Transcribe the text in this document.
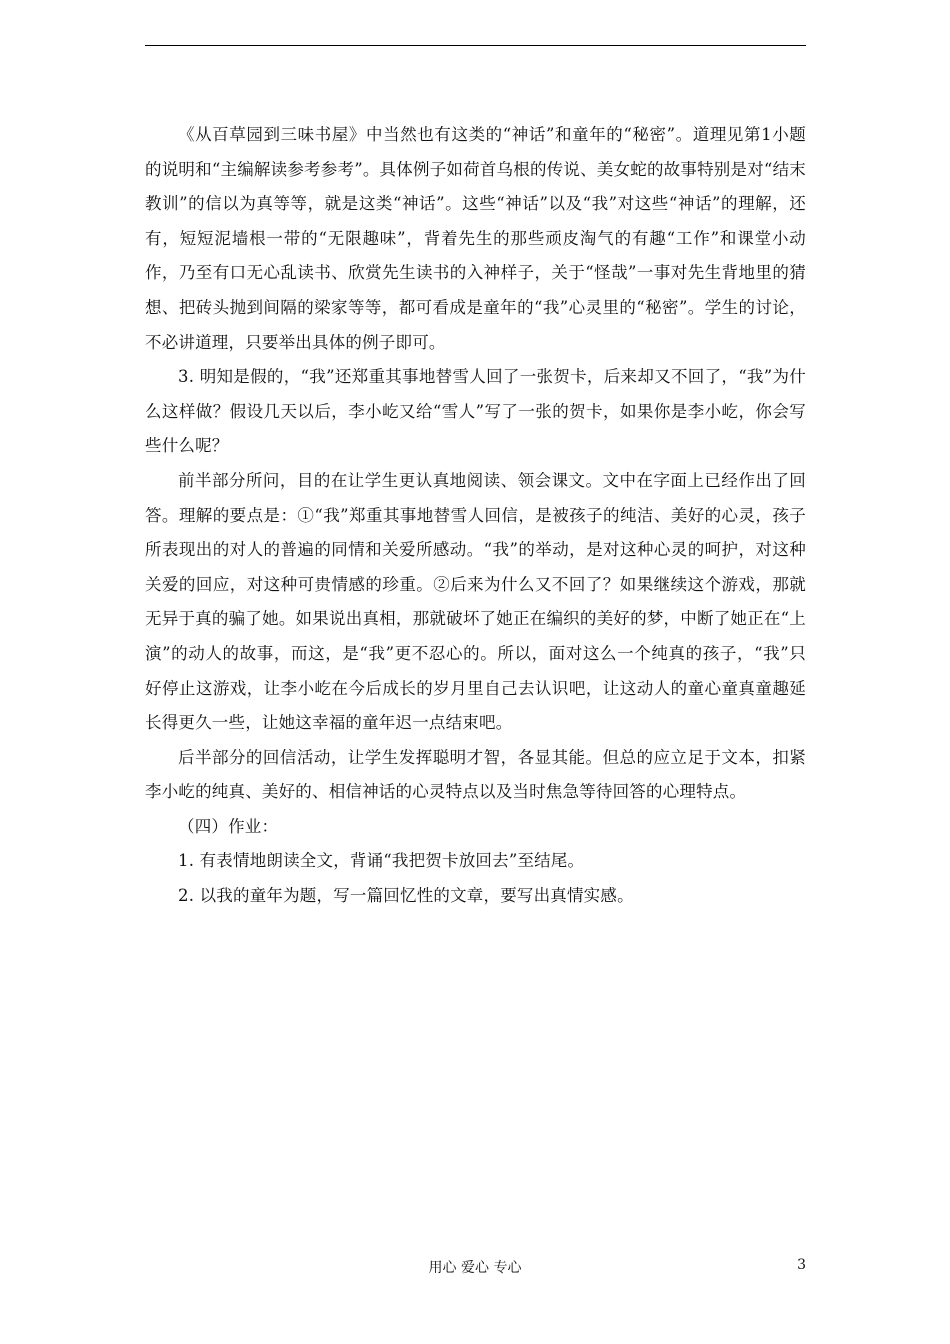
《从百草园到三味书屋》中当然也有这类的“神话”和童年的“秘密”。道理见第1小题的说明和“主编解读参考参考”。具体例子如荷首乌根的传说、美女蛇的故事特别是对“结末教训”的信以为真等等，就是这类“神话”。这些“神话”以及“我”对这些“神话”的理解，还有，短短泥墙根一带的“无限趣味”，背着先生的那些顽皮淘气的有趣“工作”和课堂小动作，乃至有口无心乱读书、欣赏先生读书的入神样子，关于“怪哉”一事对先生背地里的猜想、把砖头抛到间隔的梁家等等，都可看成是童年的“我”心灵里的“秘密”。学生的讨论，不必讲道理，只要举出具体的例子即可。

3. 明知是假的，“我”还郑重其事地替雪人回了一张贺卡，后来却又不回了，“我”为什么这样做？假设几天以后，李小屹又给“雪人”写了一张的贺卡，如果你是李小屹，你会写些什么呢？

前半部分所问，目的在让学生更认真地阅读、领会课文。文中在字面上已经作出了回答。理解的要点是：①“我”郑重其事地替雪人回信，是被孩子的纯洁、美好的心灵，孩子所表现出的对人的普遍的同情和关爱所感动。“我”的举动，是对这种心灵的呵护，对这种关爱的回应，对这种可贵情感的珍重。②后来为什么又不回了？如果继续这个游戏，那就无异于真的骗了她。如果说出真相，那就破坏了她正在编织的美好的梦，中断了她正在“上演”的动人的故事，而这，是“我”更不忍心的。所以，面对这么一个纯真的孩子，“我”只好停止这游戏，让李小屹在今后成长的岁月里自己去认识吧，让这动人的童心童真童趣延长得更久一些，让她这幸福的童年迟一点结束吧。

后半部分的回信活动，让学生发挥聪明才智，各显其能。但总的应立足于文本，扣紧李小屹的纯真、美好的、相信神话的心灵特点以及当时焦急等待回答的心理特点。

（四）作业：

1. 有表情地朗读全文，背诵“我把贺卡放回去”至结尾。

2. 以我的童年为题，写一篇回忆性的文章，要写出真情实感。

用心 爱心 专心	3
